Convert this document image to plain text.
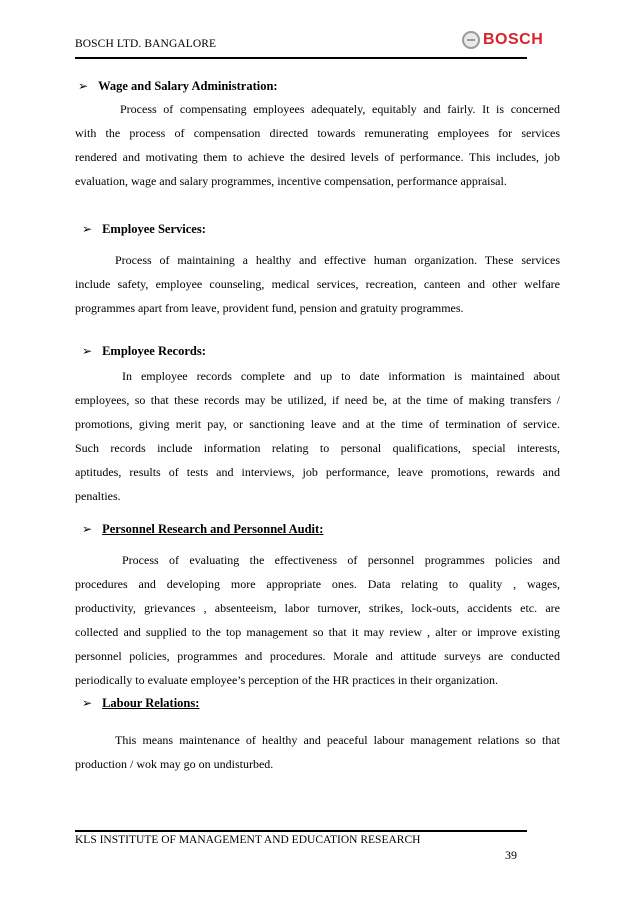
BOSCH LTD. BANGALORE	BOSCH
➢ Wage and Salary Administration:
Process of compensating employees adequately, equitably and fairly. It is concerned
with the process of compensation directed towards remunerating employees for services
rendered and motivating them to achieve the desired levels of performance. This includes, job
evaluation, wage and salary programmes, incentive compensation, performance appraisal.
➢ Employee Services:
Process of maintaining a healthy and effective human organization. These services
include safety, employee counseling, medical services, recreation, canteen and other welfare
programmes apart from leave, provident fund, pension and gratuity programmes.
➢ Employee Records:
In employee records complete and up to date information is maintained about
employees, so that these records may be utilized, if need be, at the time of making transfers /
promotions, giving merit pay, or sanctioning leave and at the time of termination of service.
Such records include information relating to personal qualifications, special interests,
aptitudes, results of tests and interviews, job performance, leave promotions, rewards and
penalties.
➢ Personnel Research and Personnel Audit:
Process of evaluating the effectiveness of personnel programmes policies and
procedures and developing more appropriate ones. Data relating to quality , wages,
productivity, grievances , absenteeism, labor turnover, strikes, lock-outs, accidents etc. are
collected and supplied to the top management so that it may review , alter or improve existing
personnel policies, programmes and procedures. Morale and attitude surveys are conducted
periodically to evaluate employee’s perception of the HR practices in their organization.
➢ Labour Relations:
This means maintenance of healthy and peaceful labour management relations so that
production / wok may go on undisturbed.
KLS INSTITUTE OF MANAGEMENT AND EDUCATION RESEARCH
39
